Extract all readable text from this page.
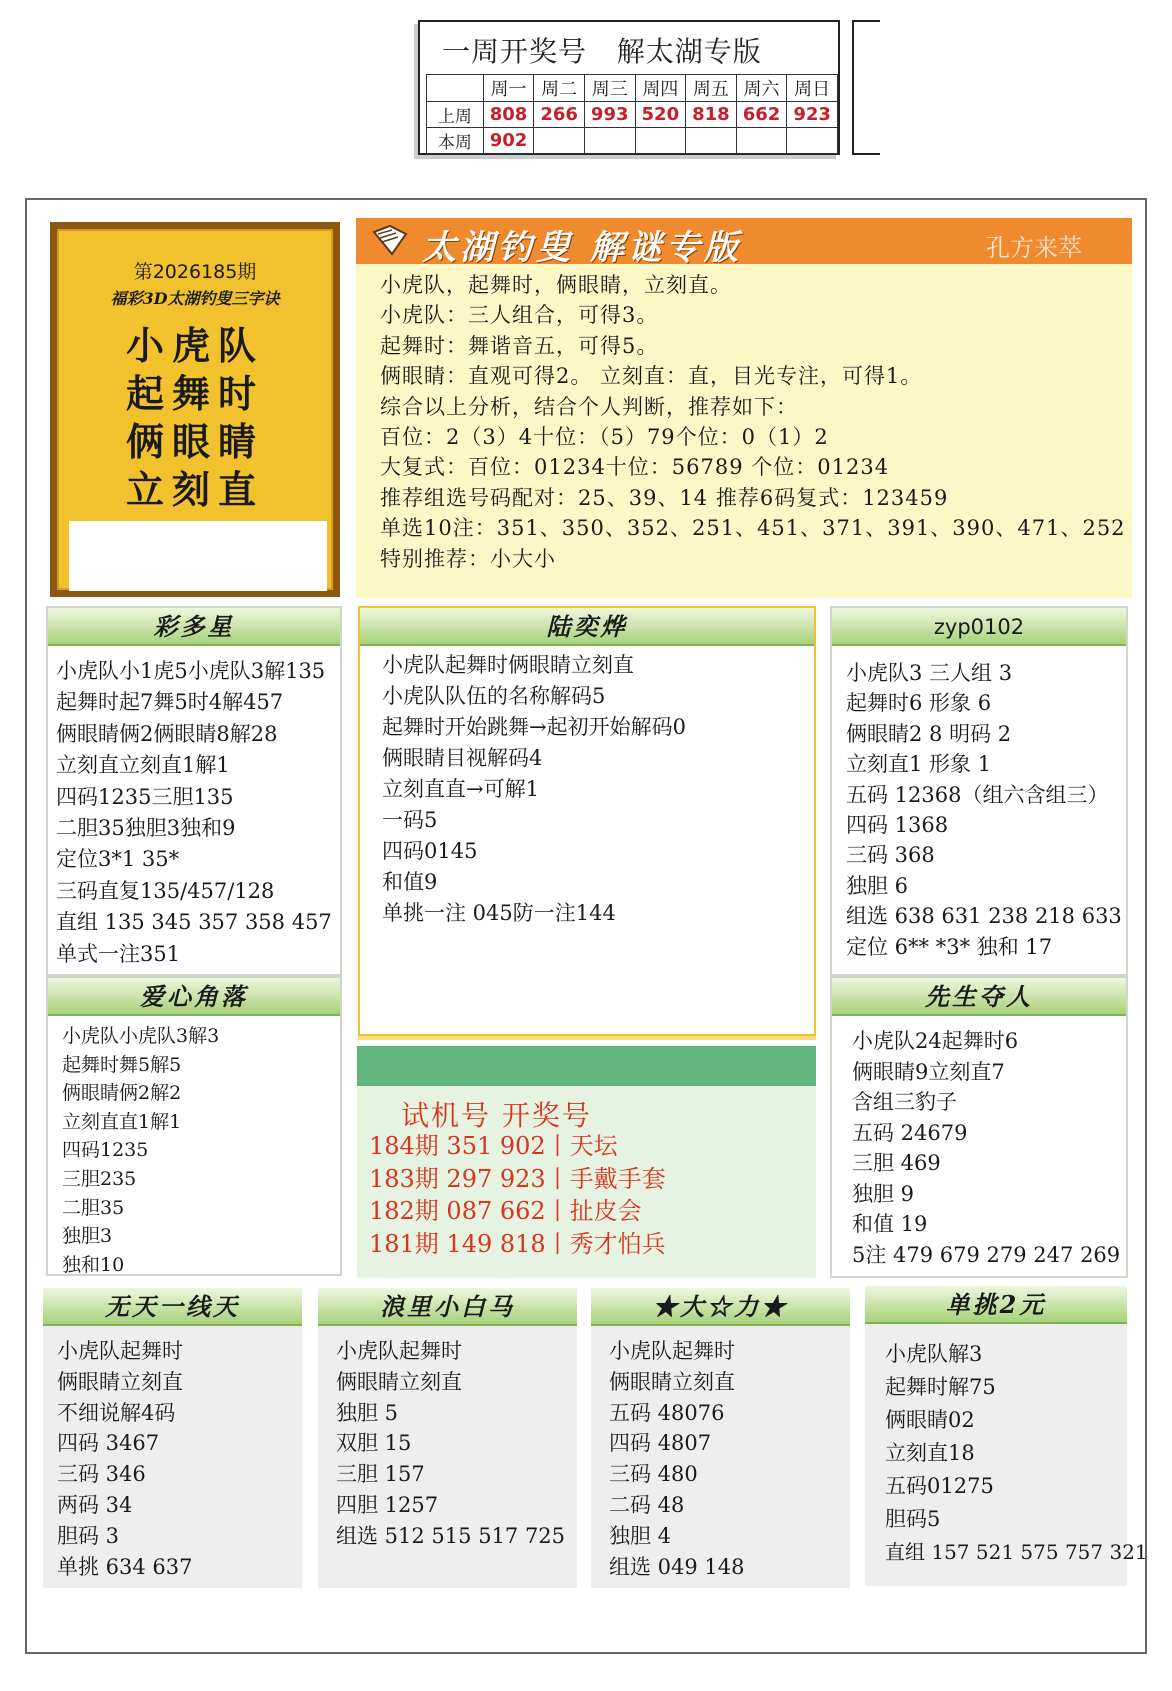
一周开奖号 解太湖专版
	周一	周二	周三	周四	周五	周六	周日
上周	808	266	993	520	818	662	923
本周	902						
第2026185期
福彩3D太湖钓叟三字诀
小虎队
起舞时
俩眼睛
立刻直
太湖钓叟 解谜专版	孔方来萃
小虎队，起舞时，俩眼睛，立刻直。
小虎队：三人组合，可得3。
起舞时：舞谐音五，可得5。
俩眼睛：直观可得2。 立刻直：直，目光专注，可得1。
综合以上分析，结合个人判断，推荐如下：
百位：2（3）4十位：（5）79个位：0（1）2
大复式：百位：01234十位：56789 个位：01234
推荐组选号码配对：25、39、14 推荐6码复式：123459
单选10注：351、350、352、251、451、371、391、390、471、252
特别推荐：小大小
彩多星
小虎队小1虎5小虎队3解135
起舞时起7舞5时4解457
俩眼睛俩2俩眼睛8解28
立刻直立刻直1解1
四码1235三胆135
二胆35独胆3独和9
定位3*1 35*
三码直复135/457/128
直组 135 345 357 358 457
单式一注351
陆奕烨
小虎队起舞时俩眼睛立刻直
小虎队队伍的名称解码5
起舞时开始跳舞→起初开始解码0
俩眼睛目视解码4
立刻直直→可解1
一码5
四码0145
和值9
单挑一注 045防一注144
zyp0102
小虎队3 三人组 3
起舞时6 形象 6
俩眼睛2 8 明码 2
立刻直1 形象 1
五码 12368（组六含组三）
四码 1368
三码 368
独胆 6
组选 638 631 238 218 633
定位 6** *3* 独和 17
爱心角落
小虎队小虎队3解3
起舞时舞5解5
俩眼睛俩2解2
立刻直直1解1
四码1235
三胆235
二胆35
独胆3
独和10
试机号 开奖号
184期 351 902丨天坛
183期 297 923丨手戴手套
182期 087 662丨扯皮会
181期 149 818丨秀才怕兵
先生夺人
小虎队24起舞时6
俩眼睛9立刻直7
含组三豹子
五码 24679
三胆 469
独胆 9
和值 19
5注 479 679 279 247 269
无天一线天
小虎队起舞时
俩眼睛立刻直
不细说解4码
四码 3467
三码 346
两码 34
胆码 3
单挑 634 637
浪里小白马
小虎队起舞时
俩眼睛立刻直
独胆 5
双胆 15
三胆 157
四胆 1257
组选 512 515 517 725
★大☆力★
小虎队起舞时
俩眼睛立刻直
五码 48076
四码 4807
三码 480
二码 48
独胆 4
组选 049 148
单挑2元
小虎队解3
起舞时解75
俩眼睛02
立刻直18
五码01275
胆码5
直组 157 521 575 757 321
